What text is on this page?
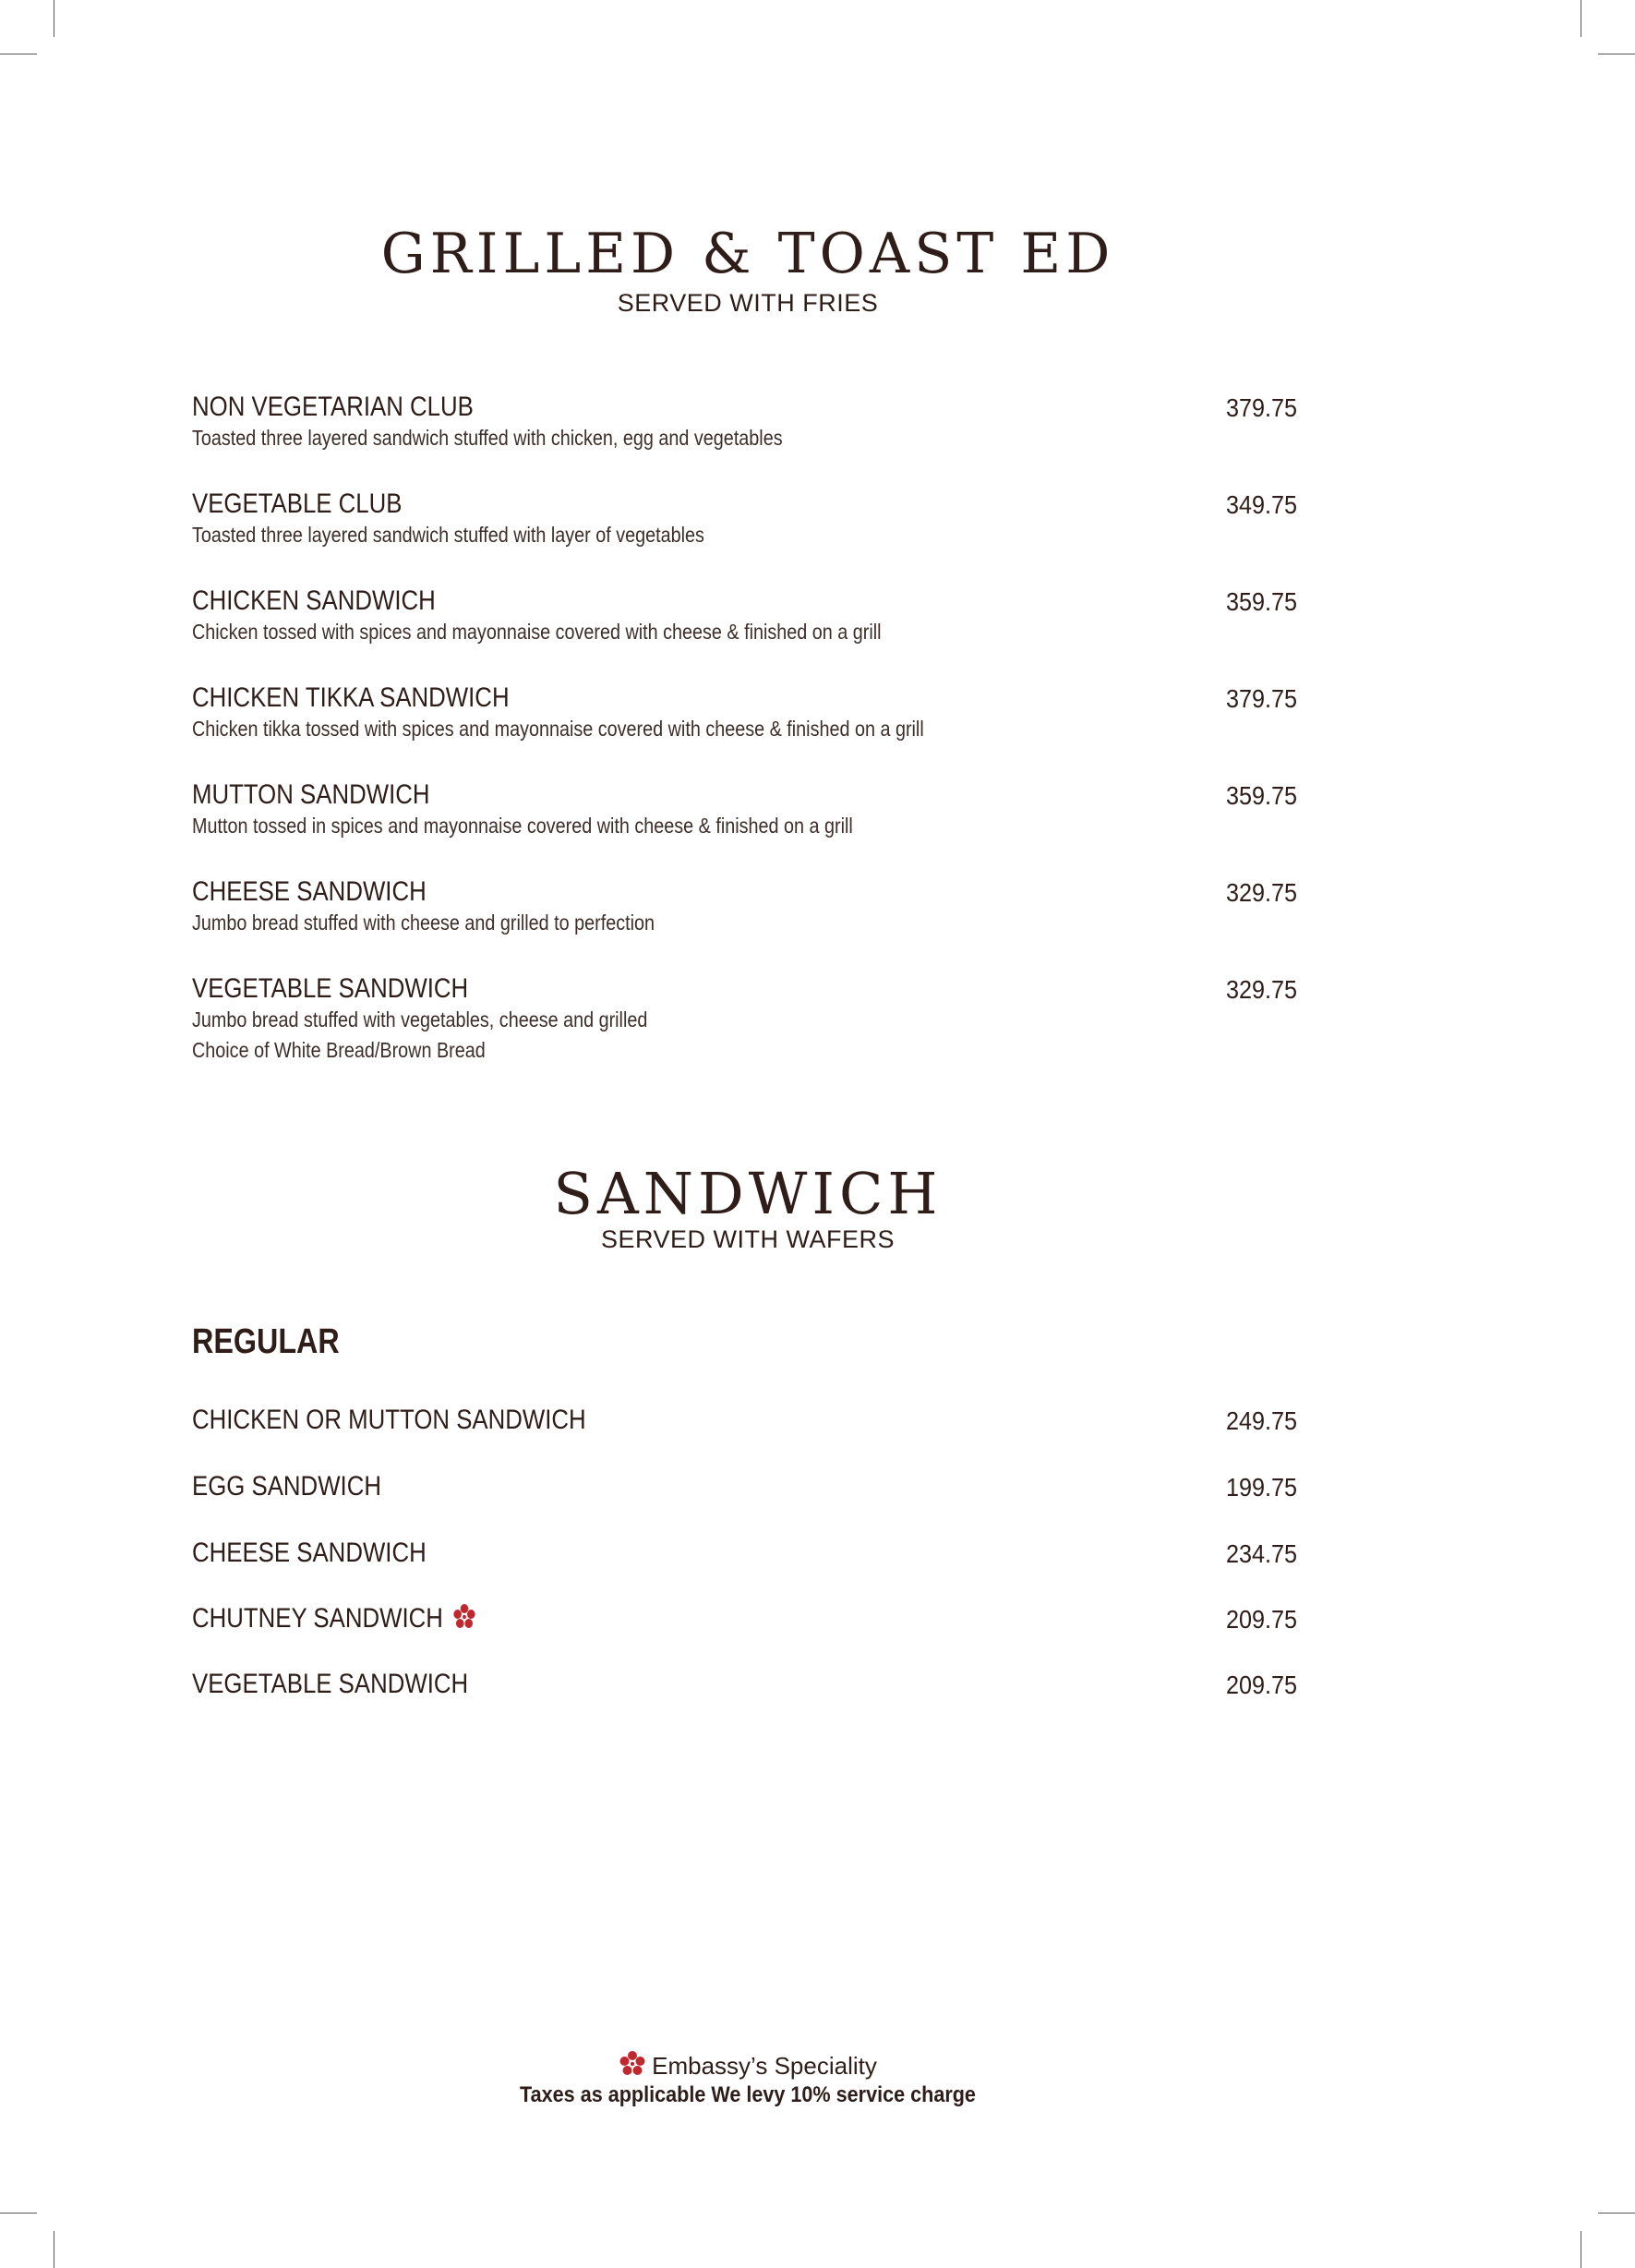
GRILLED & TOAST ED
SERVED WITH FRIES
NON VEGETARIAN CLUB
Toasted three layered sandwich stuffed with chicken, egg and vegetables
379.75
VEGETABLE CLUB
Toasted three layered sandwich stuffed with layer of vegetables
349.75
CHICKEN SANDWICH
Chicken tossed with spices and mayonnaise covered with cheese & finished on a grill
359.75
CHICKEN TIKKA SANDWICH
Chicken tikka tossed with spices and mayonnaise covered with cheese & finished on a grill
379.75
MUTTON SANDWICH
Mutton tossed in spices and mayonnaise covered with cheese & finished on a grill
359.75
CHEESE SANDWICH
Jumbo bread stuffed with cheese and grilled to perfection
329.75
VEGETABLE SANDWICH
Jumbo bread stuffed with vegetables, cheese and grilled
Choice of White Bread/Brown Bread
329.75
SANDWICH
SERVED WITH WAFERS
REGULAR
CHICKEN OR MUTTON SANDWICH	249.75
EGG SANDWICH	199.75
CHEESE SANDWICH	234.75
CHUTNEY SANDWICH	209.75
VEGETABLE SANDWICH	209.75
Embassy’s Speciality
Taxes as applicable We levy 10% service charge
